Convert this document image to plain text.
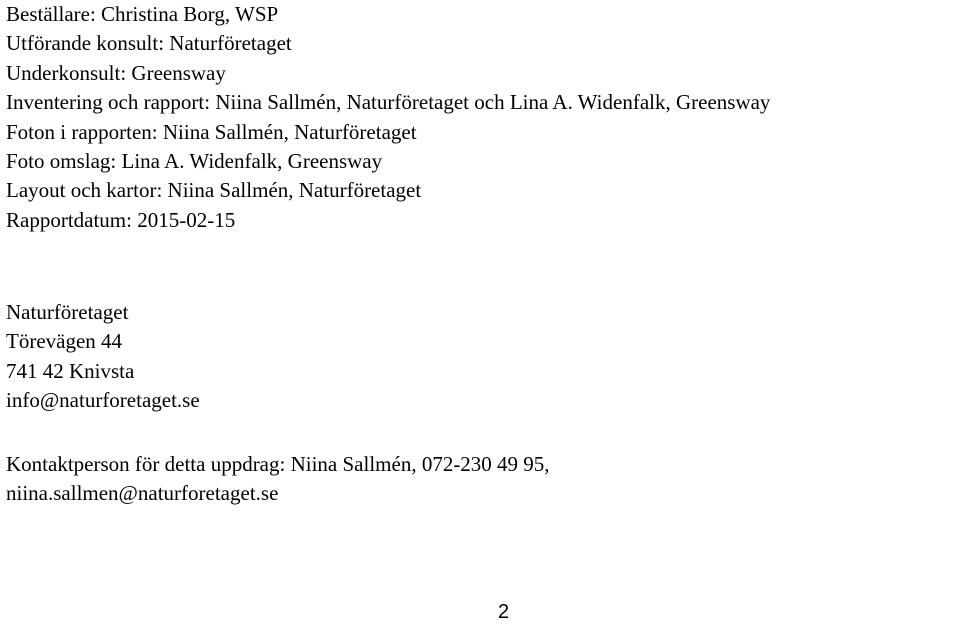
Beställare: Christina Borg, WSP
Utförande konsult: Naturföretaget
Underkonsult: Greensway
Inventering och rapport: Niina Sallmén, Naturföretaget och Lina A. Widenfalk, Greensway
Foton i rapporten: Niina Sallmén, Naturföretaget
Foto omslag: Lina A. Widenfalk, Greensway
Layout och kartor: Niina Sallmén, Naturföretaget
Rapportdatum: 2015-02-15
Naturföretaget
Törevägen 44
741 42 Knivsta
info@naturforetaget.se
Kontaktperson för detta uppdrag: Niina Sallmén, 072-230 49 95,
niina.sallmen@naturforetaget.se
2
